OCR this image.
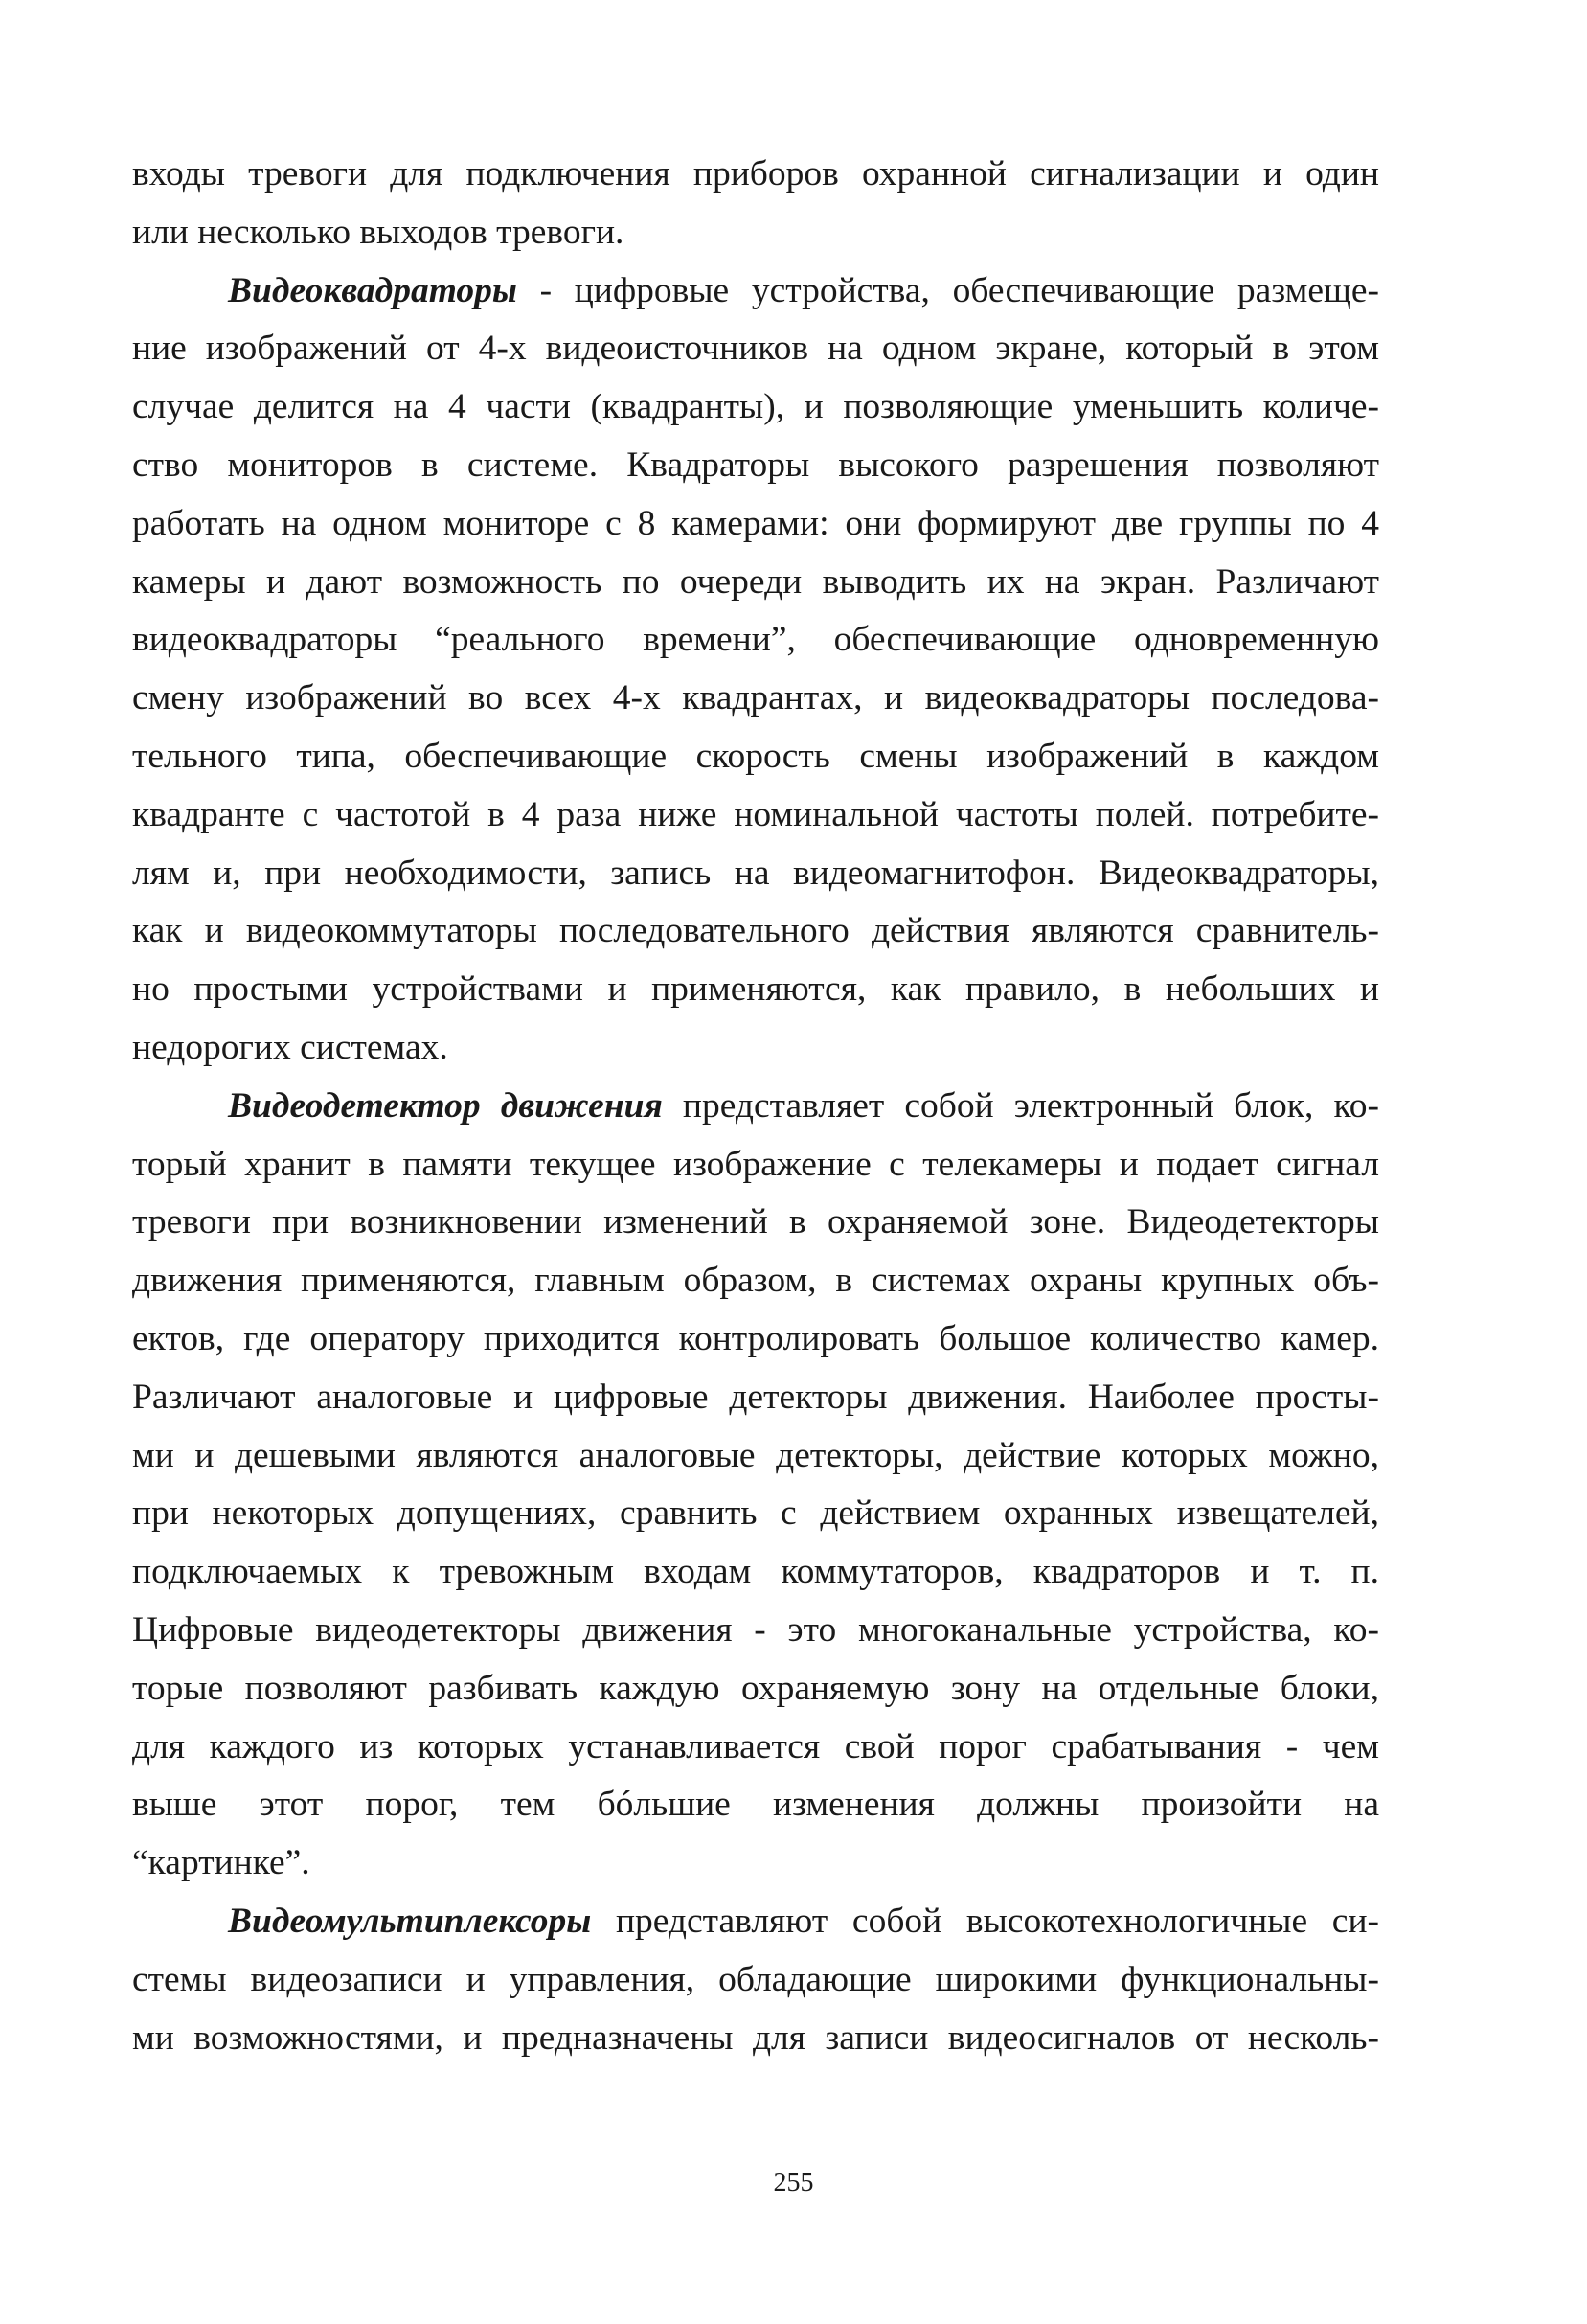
входы тревоги для подключения приборов охранной сигнализации и один
или несколько выходов тревоги.
Видеоквадраторы - цифровые устройства, обеспечивающие размеще-
ние изображений от 4-х видеоисточников на одном экране, который в этом
случае делится на 4 части (квадранты), и позволяющие уменьшить количе-
ство мониторов в системе. Квадраторы высокого разрешения позволяют
работать на одном мониторе с 8 камерами: они формируют две группы по 4
камеры и дают возможность по очереди выводить их на экран. Различают
видеоквадраторы “реального времени”, обеспечивающие одновременную
смену изображений во всех 4-х квадрантах, и видеоквадраторы последова-
тельного типа, обеспечивающие скорость смены изображений в каждом
квадранте с частотой в 4 раза ниже номинальной частоты полей. потребите-
лям и, при необходимости, запись на видеомагнитофон. Видеоквадраторы,
как и видеокоммутаторы последовательного действия являются сравнитель-
но простыми устройствами и применяются, как правило, в небольших и
недорогих системах.
Видеодетектор движения представляет собой электронный блок, ко-
торый хранит в памяти текущее изображение с телекамеры и подает сигнал
тревоги при возникновении изменений в охраняемой зоне. Видеодетекторы
движения применяются, главным образом, в системах охраны крупных объ-
ектов, где оператору приходится контролировать большое количество камер.
Различают аналоговые и цифровые детекторы движения. Наиболее просты-
ми и дешевыми являются аналоговые детекторы, действие которых можно,
при некоторых допущениях, сравнить с действием охранных извещателей,
подключаемых к тревожным входам коммутаторов, квадраторов и т. п.
Цифровые видеодетекторы движения - это многоканальные устройства, ко-
торые позволяют разбивать каждую охраняемую зону на отдельные блоки,
для каждого из которых устанавливается свой порог срабатывания - чем
выше этот порог, тем бóльшие изменения должны произойти на
“картинке”.
Видеомультиплексоры представляют собой высокотехнологичные си-
стемы видеозаписи и управления, обладающие широкими функциональны-
ми возможностями, и предназначены для записи видеосигналов от несколь-
255
